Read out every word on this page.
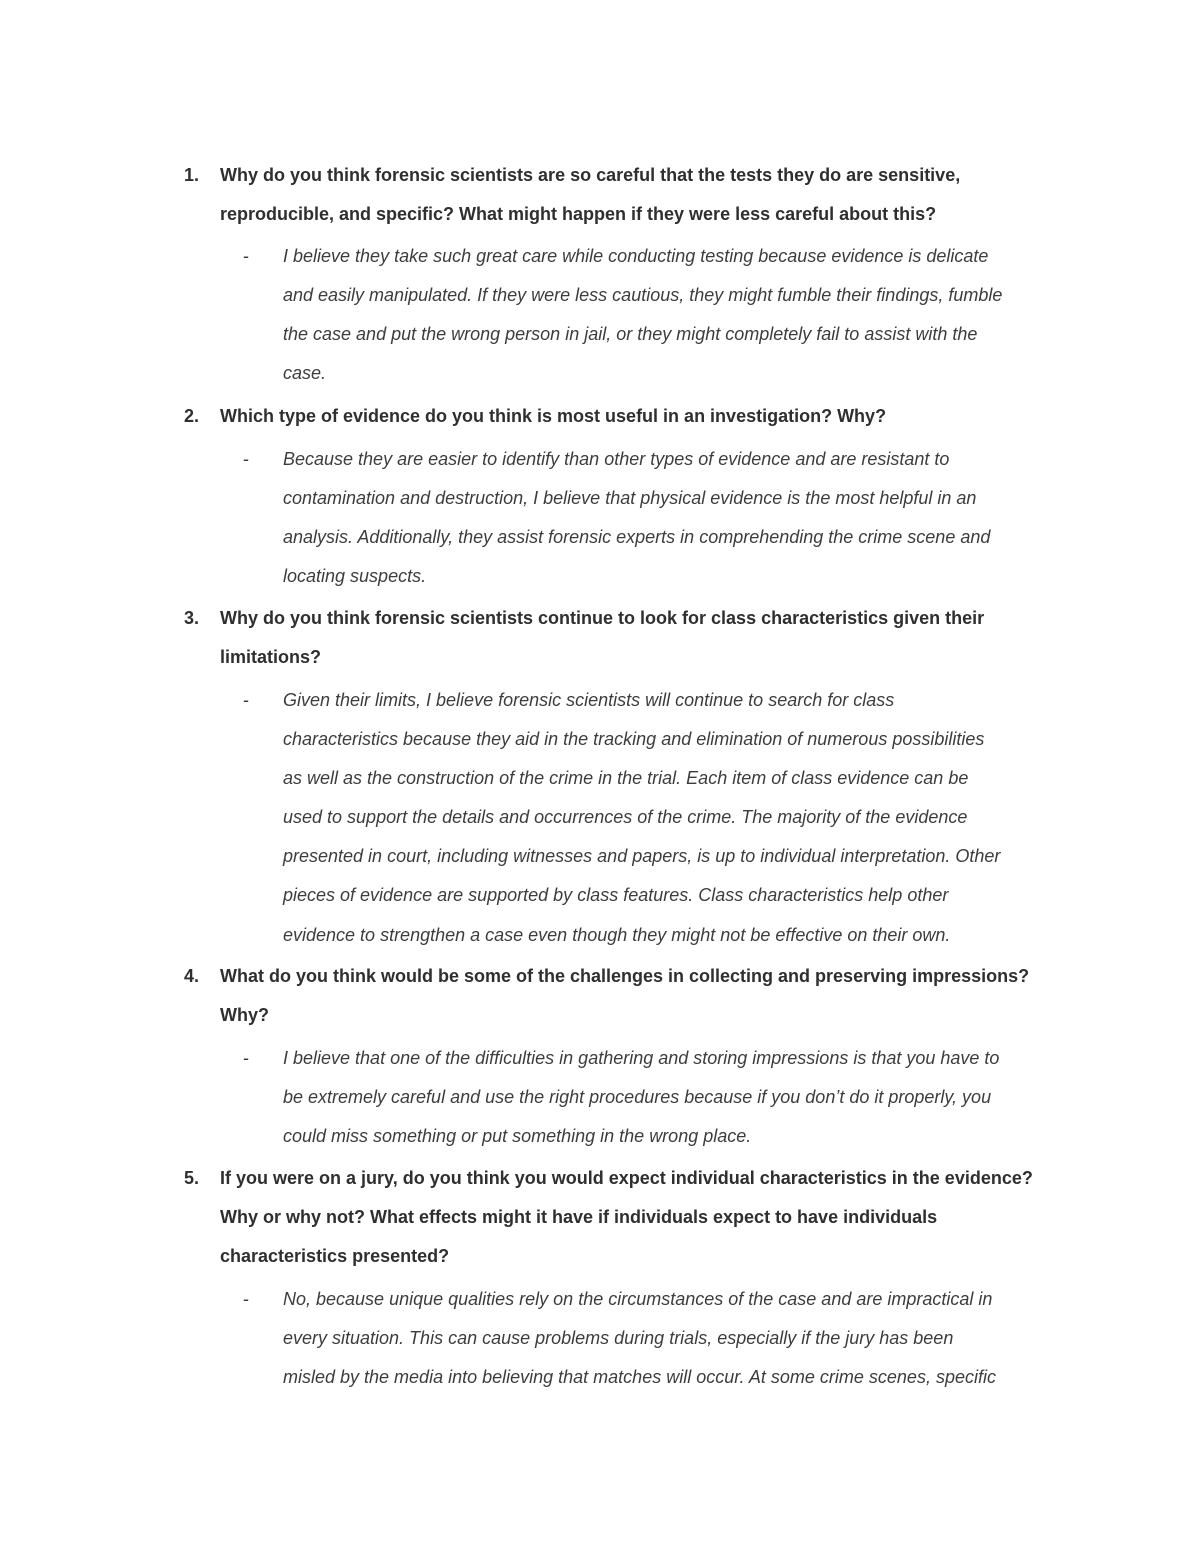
1.	Why do you think forensic scientists are so careful that the tests they do are sensitive,
reproducible, and specific? What might happen if they were less careful about this?
-	I believe they take such great care while conducting testing because evidence is delicate
and easily manipulated. If they were less cautious, they might fumble their findings, fumble
the case and put the wrong person in jail, or they might completely fail to assist with the
case.
2.	Which type of evidence do you think is most useful in an investigation? Why?
-	Because they are easier to identify than other types of evidence and are resistant to
contamination and destruction, I believe that physical evidence is the most helpful in an
analysis. Additionally, they assist forensic experts in comprehending the crime scene and
locating suspects.
3.	Why do you think forensic scientists continue to look for class characteristics given their
limitations?
-	Given their limits, I believe forensic scientists will continue to search for class
characteristics because they aid in the tracking and elimination of numerous possibilities
as well as the construction of the crime in the trial. Each item of class evidence can be
used to support the details and occurrences of the crime. The majority of the evidence
presented in court, including witnesses and papers, is up to individual interpretation. Other
pieces of evidence are supported by class features. Class characteristics help other
evidence to strengthen a case even though they might not be effective on their own.
4.	What do you think would be some of the challenges in collecting and preserving impressions?
Why?
-	I believe that one of the difficulties in gathering and storing impressions is that you have to
be extremely careful and use the right procedures because if you don’t do it properly, you
could miss something or put something in the wrong place.
5.	If you were on a jury, do you think you would expect individual characteristics in the evidence?
Why or why not? What effects might it have if individuals expect to have individuals
characteristics presented?
-	No, because unique qualities rely on the circumstances of the case and are impractical in
every situation. This can cause problems during trials, especially if the jury has been
misled by the media into believing that matches will occur. At some crime scenes, specific
